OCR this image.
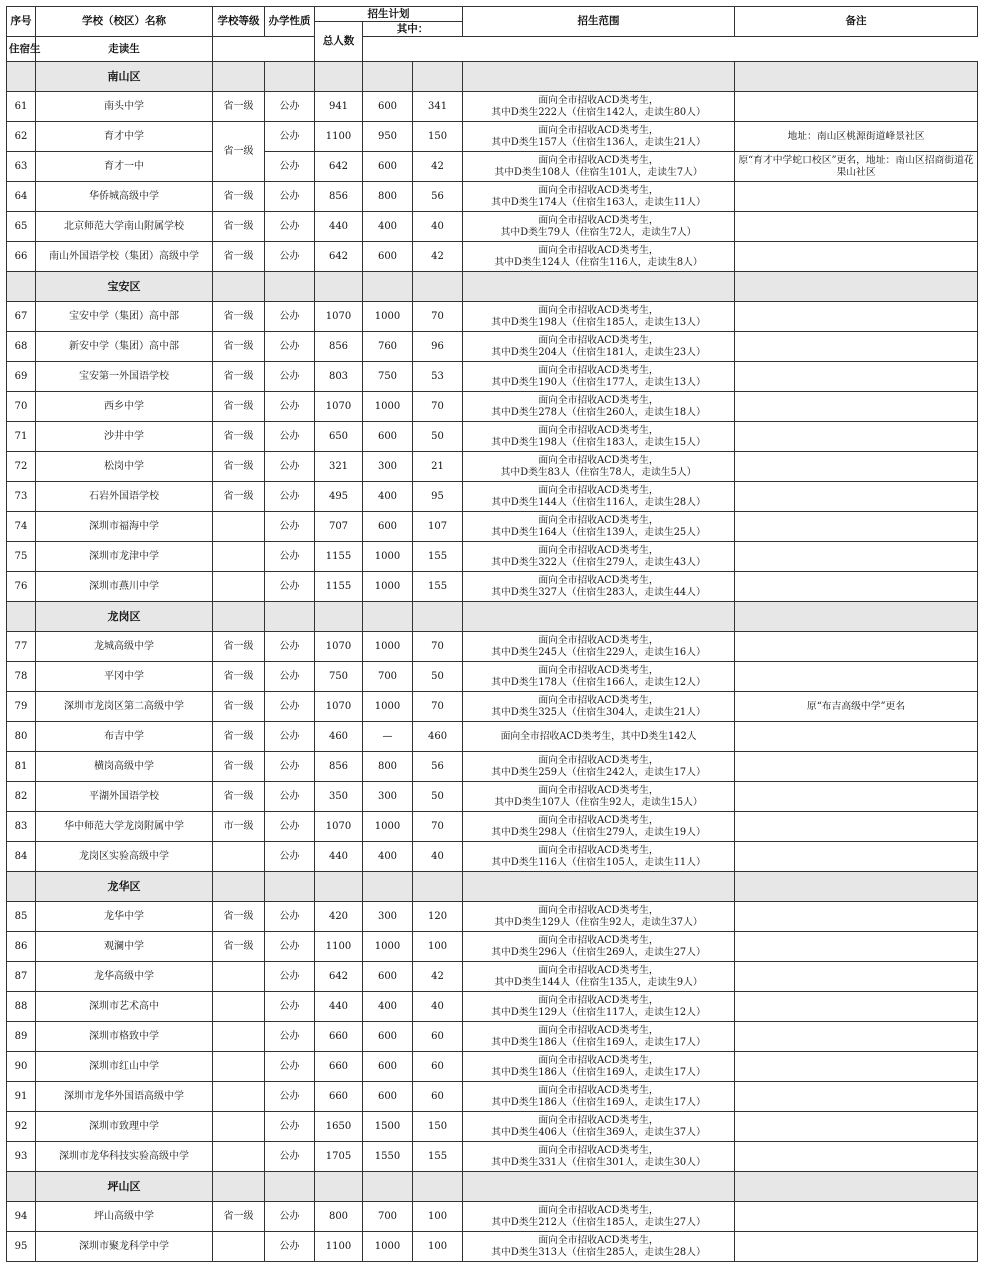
序号	学校（校区）名称	学校等级	办学性质	招生计划			招生范围	备注
				总人数	其中：			
住宿生	走读生							
	南山区							
61	南头中学	省一级	公办	941	600	341	面向全市招收ACD类考生，
其中D类生222人（住宿生142人，走读生80人）	

62	育才中学	省一级	公办	1100	950	150	面向全市招收ACD类考生，
其中D类生157人（住宿生136人，走读生21人）	地址：南山区桃源街道峰景社区
63	育才一中		公办	642	600	42	面向全市招收ACD类考生，
其中D类生108人（住宿生101人，走读生7人）	原“育才中学蛇口校区”更名，地址：南山区招商街道花果山社区
64	华侨城高级中学	省一级	公办	856	800	56	面向全市招收ACD类考生，
其中D类生174人（住宿生163人，走读生11人）	

65	北京师范大学南山附属学校	省一级	公办	440	400	40	面向全市招收ACD类考生，
其中D类生79人（住宿生72人，走读生7人）	

66	南山外国语学校（集团）高级中学	省一级	公办	642	600	42	面向全市招收ACD类考生，
其中D类生124人（住宿生116人，走读生8人）	

	宝安区							
67	宝安中学（集团）高中部	省一级	公办	1070	1000	70	面向全市招收ACD类考生，
其中D类生198人（住宿生185人，走读生13人）	

68	新安中学（集团）高中部	省一级	公办	856	760	96	面向全市招收ACD类考生，
其中D类生204人（住宿生181人，走读生23人）	

69	宝安第一外国语学校	省一级	公办	803	750	53	面向全市招收ACD类考生，
其中D类生190人（住宿生177人，走读生13人）	

70	西乡中学	省一级	公办	1070	1000	70	面向全市招收ACD类考生，
其中D类生278人（住宿生260人，走读生18人）	

71	沙井中学	省一级	公办	650	600	50	面向全市招收ACD类考生，
其中D类生198人（住宿生183人，走读生15人）	

72	松岗中学	省一级	公办	321	300	21	面向全市招收ACD类考生，
其中D类生83人（住宿生78人，走读生5人）	

73	石岩外国语学校	省一级	公办	495	400	95	面向全市招收ACD类考生，
其中D类生144人（住宿生116人，走读生28人）	

74	深圳市福海中学		公办	707	600	107	面向全市招收ACD类考生，
其中D类生164人（住宿生139人，走读生25人）	

75	深圳市龙津中学		公办	1155	1000	155	面向全市招收ACD类考生，
其中D类生322人（住宿生279人，走读生43人）	

76	深圳市燕川中学		公办	1155	1000	155	面向全市招收ACD类考生，
其中D类生327人（住宿生283人，走读生44人）	

	龙岗区							
77	龙城高级中学	省一级	公办	1070	1000	70	面向全市招收ACD类考生，
其中D类生245人（住宿生229人，走读生16人）	

78	平冈中学	省一级	公办	750	700	50	面向全市招收ACD类考生，
其中D类生178人（住宿生166人，走读生12人）	

79	深圳市龙岗区第二高级中学	省一级	公办	1070	1000	70	面向全市招收ACD类考生，
其中D类生325人（住宿生304人，走读生21人）	原“布吉高级中学”更名
80	布吉中学	省一级	公办	460	—	460	面向全市招收ACD类考生，其中D类生142人	

81	横岗高级中学	省一级	公办	856	800	56	面向全市招收ACD类考生，
其中D类生259人（住宿生242人，走读生17人）	

82	平湖外国语学校	省一级	公办	350	300	50	面向全市招收ACD类考生，
其中D类生107人（住宿生92人，走读生15人）	

83	华中师范大学龙岗附属中学	市一级	公办	1070	1000	70	面向全市招收ACD类考生，
其中D类生298人（住宿生279人，走读生19人）	

84	龙岗区实验高级中学		公办	440	400	40	面向全市招收ACD类考生，
其中D类生116人（住宿生105人，走读生11人）	

	龙华区							
85	龙华中学	省一级	公办	420	300	120	面向全市招收ACD类考生，
其中D类生129人（住宿生92人，走读生37人）	

86	观澜中学	省一级	公办	1100	1000	100	面向全市招收ACD类考生，
其中D类生296人（住宿生269人，走读生27人）	

87	龙华高级中学		公办	642	600	42	面向全市招收ACD类考生，
其中D类生144人（住宿生135人，走读生9人）	

88	深圳市艺术高中		公办	440	400	40	面向全市招收ACD类考生，
其中D类生129人（住宿生117人，走读生12人）	

89	深圳市格致中学		公办	660	600	60	面向全市招收ACD类考生，
其中D类生186人（住宿生169人，走读生17人）	

90	深圳市红山中学		公办	660	600	60	面向全市招收ACD类考生，
其中D类生186人（住宿生169人，走读生17人）	

91	深圳市龙华外国语高级中学		公办	660	600	60	面向全市招收ACD类考生，
其中D类生186人（住宿生169人，走读生17人）	

92	深圳市致理中学		公办	1650	1500	150	面向全市招收ACD类考生，
其中D类生406人（住宿生369人，走读生37人）	

93	深圳市龙华科技实验高级中学		公办	1705	1550	155	面向全市招收ACD类考生，
其中D类生331人（住宿生301人，走读生30人）	

	坪山区							
94	坪山高级中学	省一级	公办	800	700	100	面向全市招收ACD类考生，
其中D类生212人（住宿生185人，走读生27人）	

95	深圳市聚龙科学中学		公办	1100	1000	100	面向全市招收ACD类考生，
其中D类生313人（住宿生285人，走读生28人）	
